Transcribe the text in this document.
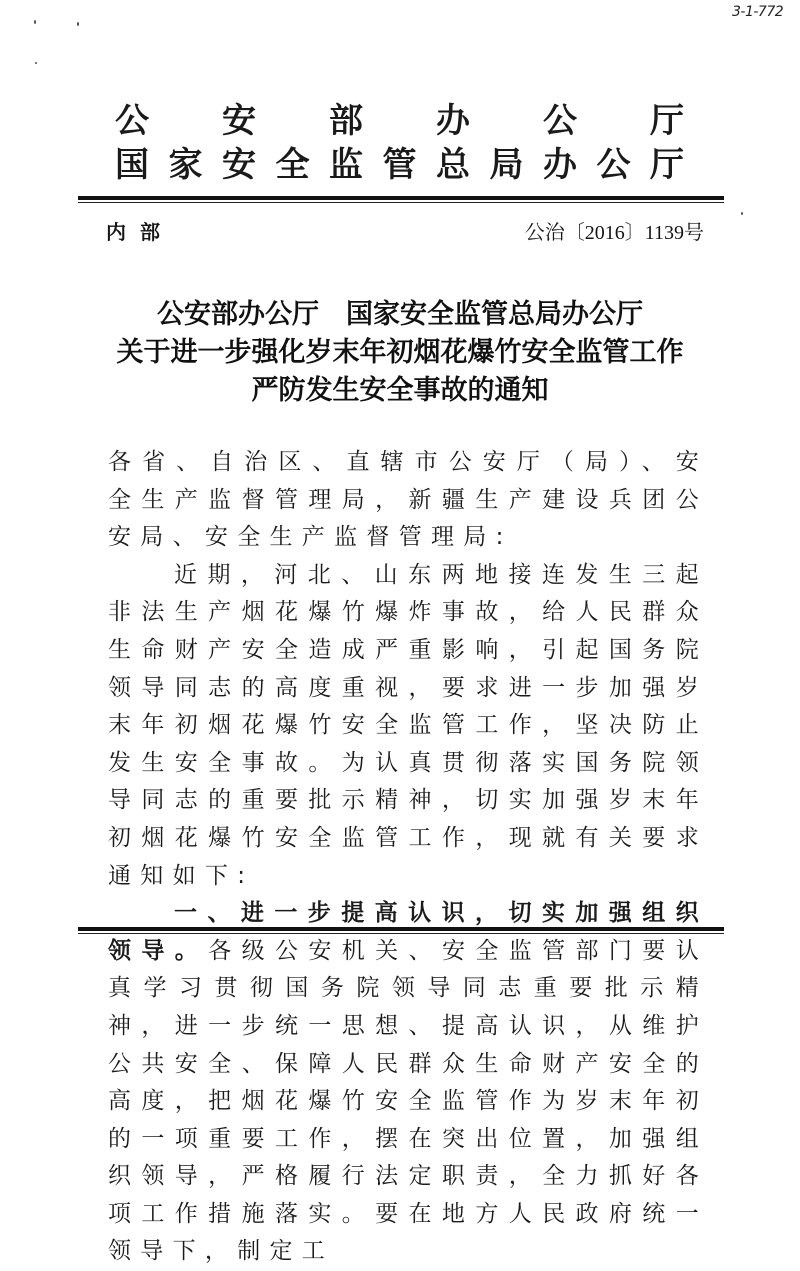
3-1-772
公 安 部 办 公 厅
国 家 安 全 监 管 总 局 办 公 厅
内部	公治〔2016〕1139号
公安部办公厅　国家安全监管总局办公厅
关于进一步强化岁末年初烟花爆竹安全监管工作
严防发生安全事故的通知

各省、自治区、直辖市公安厅（局）、安全生产监督管理局，新疆生产建设兵团公安局、安全生产监督管理局:

近期，河北、山东两地接连发生三起非法生产烟花爆竹爆炸事故，给人民群众生命财产安全造成严重影响，引起国务院领导同志的高度重视，要求进一步加强岁末年初烟花爆竹安全监管工作，坚决防止发生安全事故。为认真贯彻落实国务院领导同志的重要批示精神，切实加强岁末年初烟花爆竹安全监管工作，现就有关要求通知如下:

一、进一步提高认识，切实加强组织领导。各级公安机关、安全监管部门要认真学习贯彻国务院领导同志重要批示精神，进一步统一思想、提高认识，从维护公共安全、保障人民群众生命财产安全的高度，把烟花爆竹安全监管作为岁末年初的一项重要工作，摆在突出位置，加强组织领导，严格履行法定职责，全力抓好各项工作措施落实。要在地方人民政府统一领导下，制定工
